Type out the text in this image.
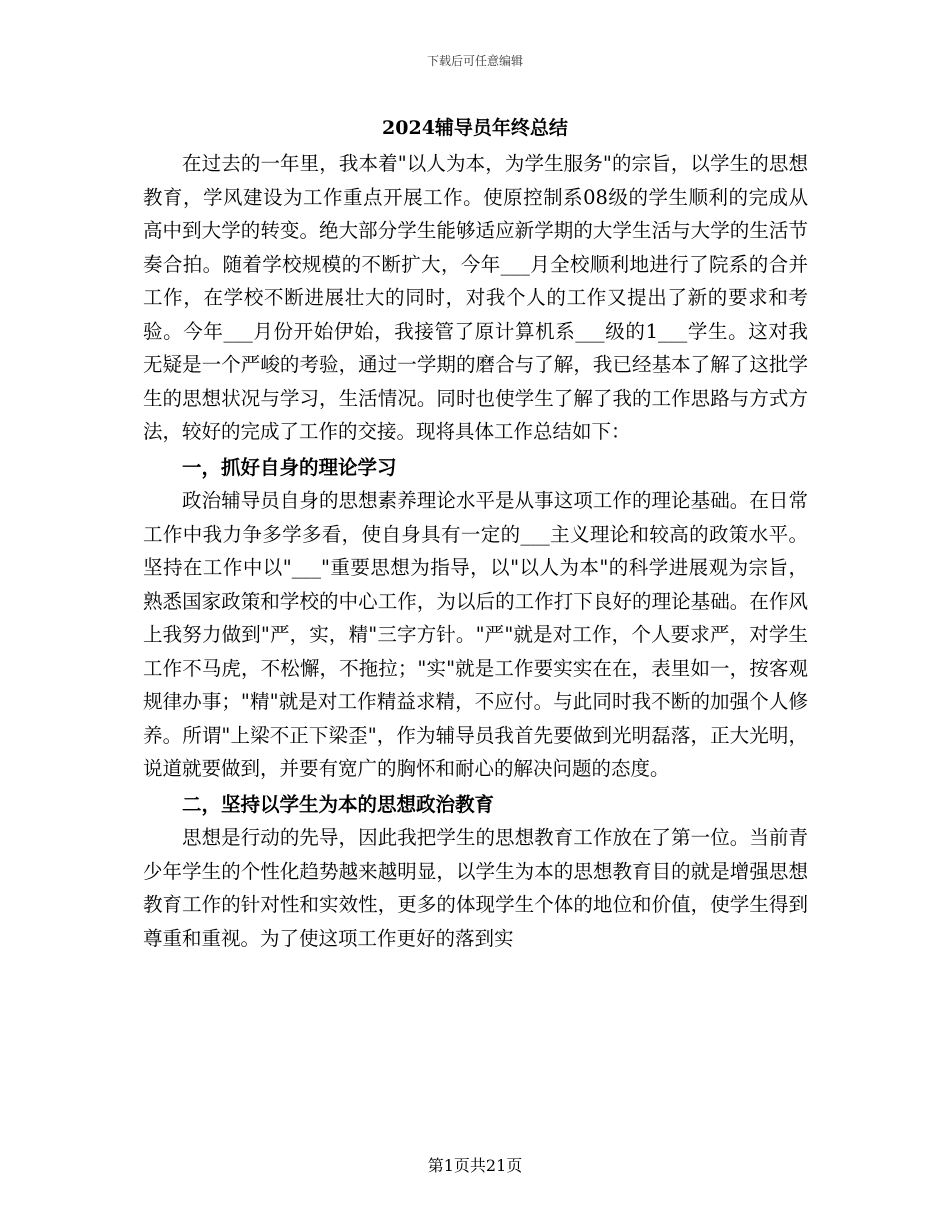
下载后可任意编辑
2024辅导员年终总结

在过去的一年里，我本着"以人为本，为学生服务"的宗旨，以学生的思想教育，学风建设为工作重点开展工作。使原控制系08级的学生顺利的完成从高中到大学的转变。绝大部分学生能够适应新学期的大学生活与大学的生活节奏合拍。随着学校规模的不断扩大，今年___月全校顺利地进行了院系的合并工作，在学校不断进展壮大的同时，对我个人的工作又提出了新的要求和考验。今年___月份开始伊始，我接管了原计算机系___级的1___学生。这对我无疑是一个严峻的考验，通过一学期的磨合与了解，我已经基本了解了这批学生的思想状况与学习，生活情况。同时也使学生了解了我的工作思路与方式方法，较好的完成了工作的交接。现将具体工作总结如下：

一，抓好自身的理论学习

政治辅导员自身的思想素养理论水平是从事这项工作的理论基础。在日常工作中我力争多学多看，使自身具有一定的___主义理论和较高的政策水平。坚持在工作中以"___"重要思想为指导，以"以人为本"的科学进展观为宗旨，熟悉国家政策和学校的中心工作，为以后的工作打下良好的理论基础。在作风上我努力做到"严，实，精"三字方针。"严"就是对工作，个人要求严，对学生工作不马虎，不松懈，不拖拉；"实"就是工作要实实在在，表里如一，按客观规律办事；"精"就是对工作精益求精，不应付。与此同时我不断的加强个人修养。所谓"上梁不正下梁歪"，作为辅导员我首先要做到光明磊落，正大光明，说道就要做到，并要有宽广的胸怀和耐心的解决问题的态度。

二，坚持以学生为本的思想政治教育

思想是行动的先导，因此我把学生的思想教育工作放在了第一位。当前青少年学生的个性化趋势越来越明显，以学生为本的思想教育目的就是增强思想教育工作的针对性和实效性，更多的体现学生个体的地位和价值，使学生得到尊重和重视。为了使这项工作更好的落到实

第1页共21页
